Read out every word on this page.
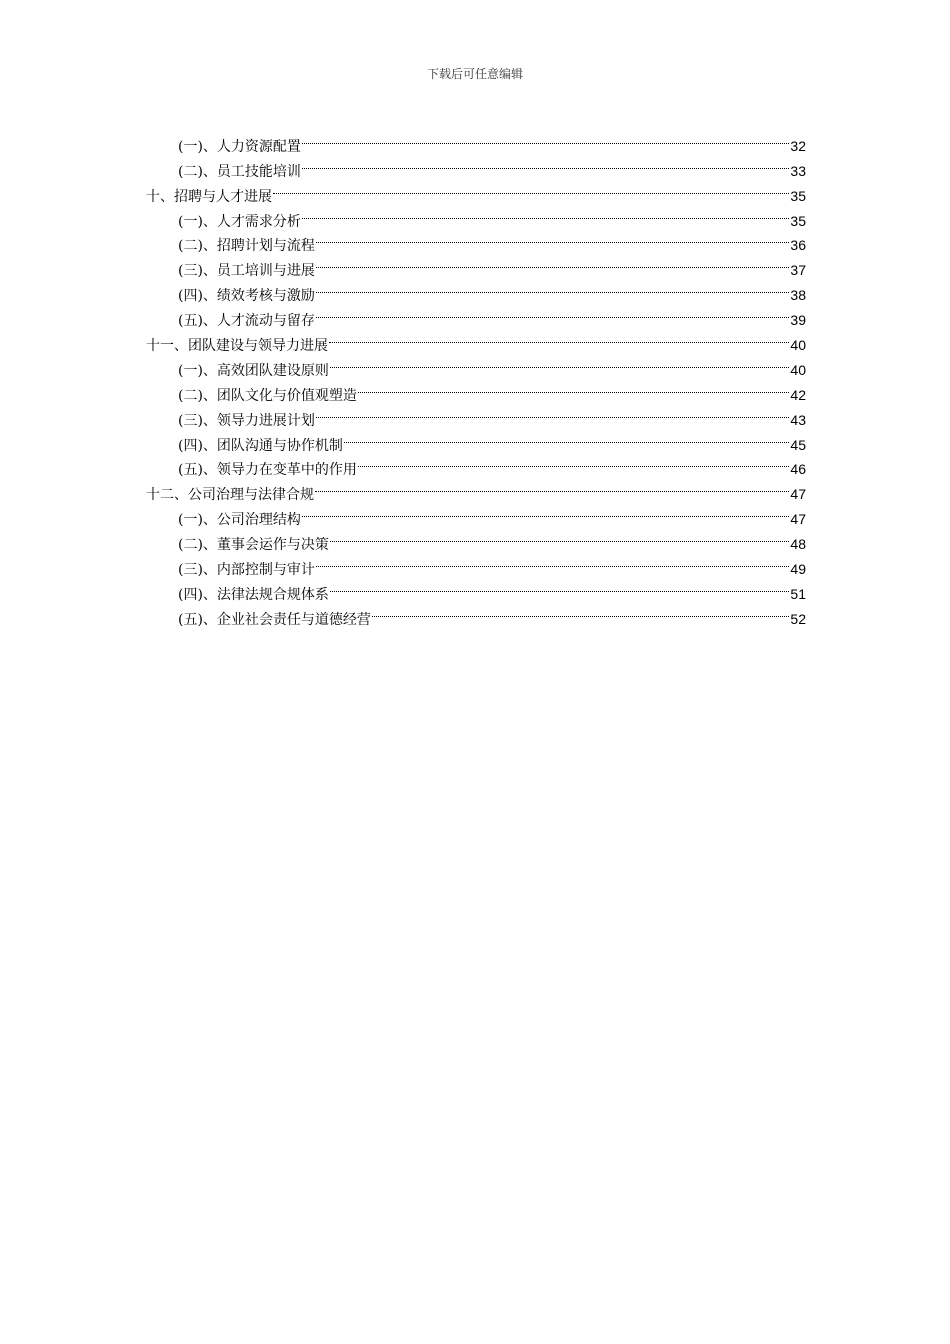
下载后可任意编辑
(一)、人力资源配置	32
(二)、员工技能培训	33
十、招聘与人才进展	35
(一)、人才需求分析	35
(二)、招聘计划与流程	36
(三)、员工培训与进展	37
(四)、绩效考核与激励	38
(五)、人才流动与留存	39
十一、团队建设与领导力进展	40
(一)、高效团队建设原则	40
(二)、团队文化与价值观塑造	42
(三)、领导力进展计划	43
(四)、团队沟通与协作机制	45
(五)、领导力在变革中的作用	46
十二、公司治理与法律合规	47
(一)、公司治理结构	47
(二)、董事会运作与决策	48
(三)、内部控制与审计	49
(四)、法律法规合规体系	51
(五)、企业社会责任与道德经营	52
